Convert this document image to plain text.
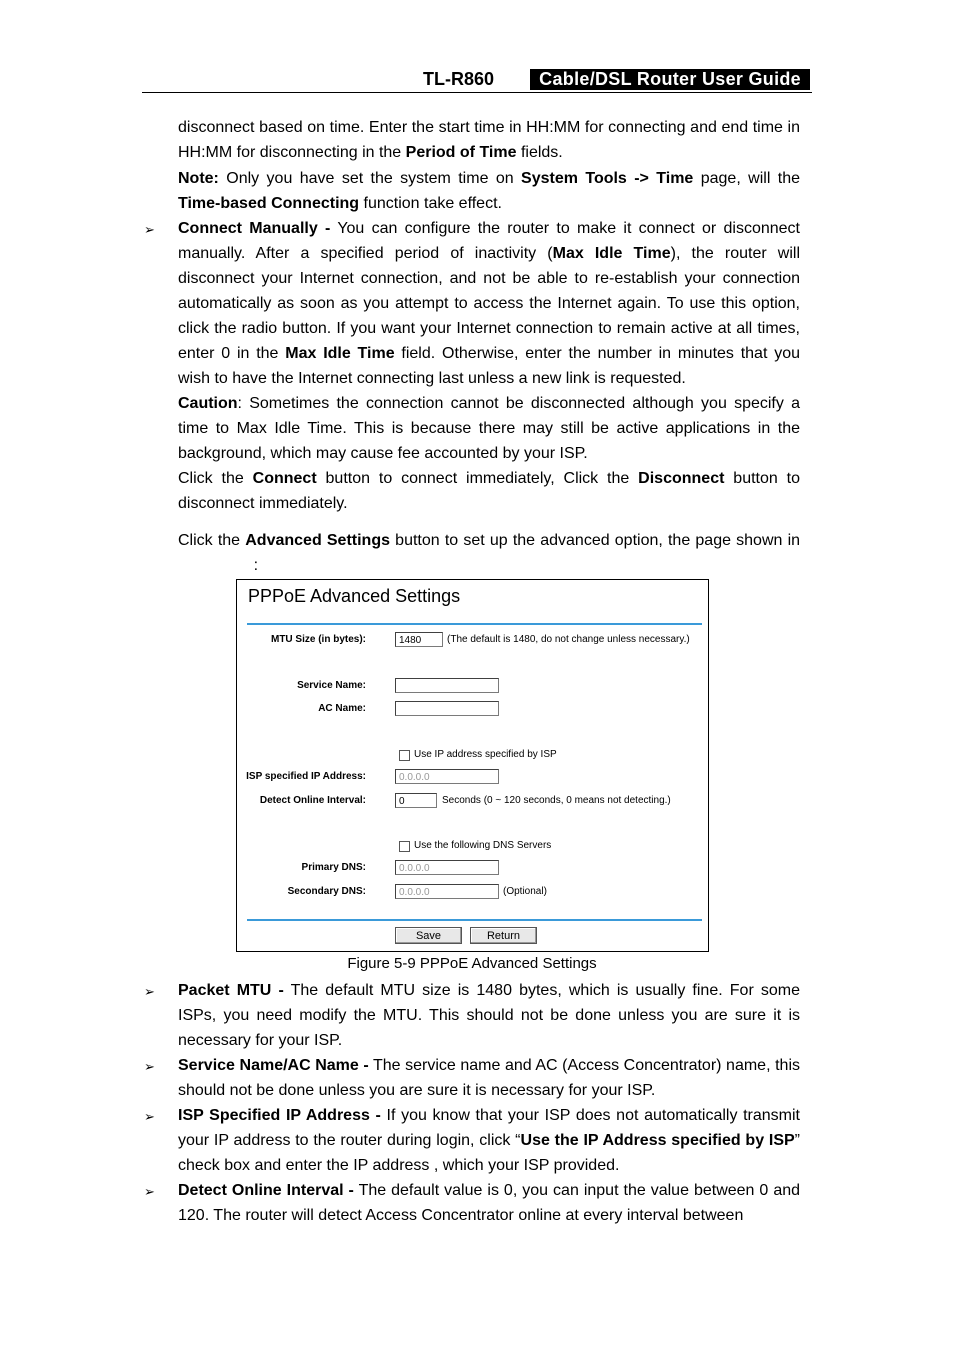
TL-R860	Cable/DSL Router User Guide

disconnect based on time. Enter the start time in HH:MM for connecting and end time in HH:MM for disconnecting in the Period of Time fields.

Note: Only you have set the system time on System Tools -> Time page, will the Time-based Connecting function take effect.

➢ Connect Manually - You can configure the router to make it connect or disconnect manually. After a specified period of inactivity (Max Idle Time), the router will disconnect your Internet connection, and not be able to re-establish your connection automatically as soon as you attempt to access the Internet again. To use this option, click the radio button. If you want your Internet connection to remain active at all times, enter 0 in the Max Idle Time field. Otherwise, enter the number in minutes that you wish to have the Internet connecting last unless a new link is requested.

Caution: Sometimes the connection cannot be disconnected although you specify a time to Max Idle Time. This is because there may still be active applications in the background, which may cause fee accounted by your ISP.

Click the Connect button to connect immediately, Click the Disconnect button to disconnect immediately.

Click the Advanced Settings button to set up the advanced option, the page shown in                  :

PPPoE Advanced Settings
MTU Size (in bytes):	1480	(The default is 1480, do not change unless necessary.)
Service Name:
AC Name:
Use IP address specified by ISP
ISP specified IP Address:	0.0.0.0
Detect Online Interval:	0	Seconds (0 ~ 120 seconds, 0 means not detecting.)
Use the following DNS Servers
Primary DNS:	0.0.0.0
Secondary DNS:	0.0.0.0	(Optional)
Save	Return
Figure 5-9 PPPoE Advanced Settings
➢ Packet MTU - The default MTU size is 1480 bytes, which is usually fine. For some ISPs, you need modify the MTU. This should not be done unless you are sure it is necessary for your ISP.

➢ Service Name/AC Name - The service name and AC (Access Concentrator) name, this should not be done unless you are sure it is necessary for your ISP.

➢ ISP Specified IP Address - If you know that your ISP does not automatically transmit your IP address to the router during login, click “Use the IP Address specified by ISP” check box and enter the IP address , which your ISP provided.

➢ Detect Online Interval - The default value is 0, you can input the value between 0 and 120. The router will detect Access Concentrator online at every interval between
